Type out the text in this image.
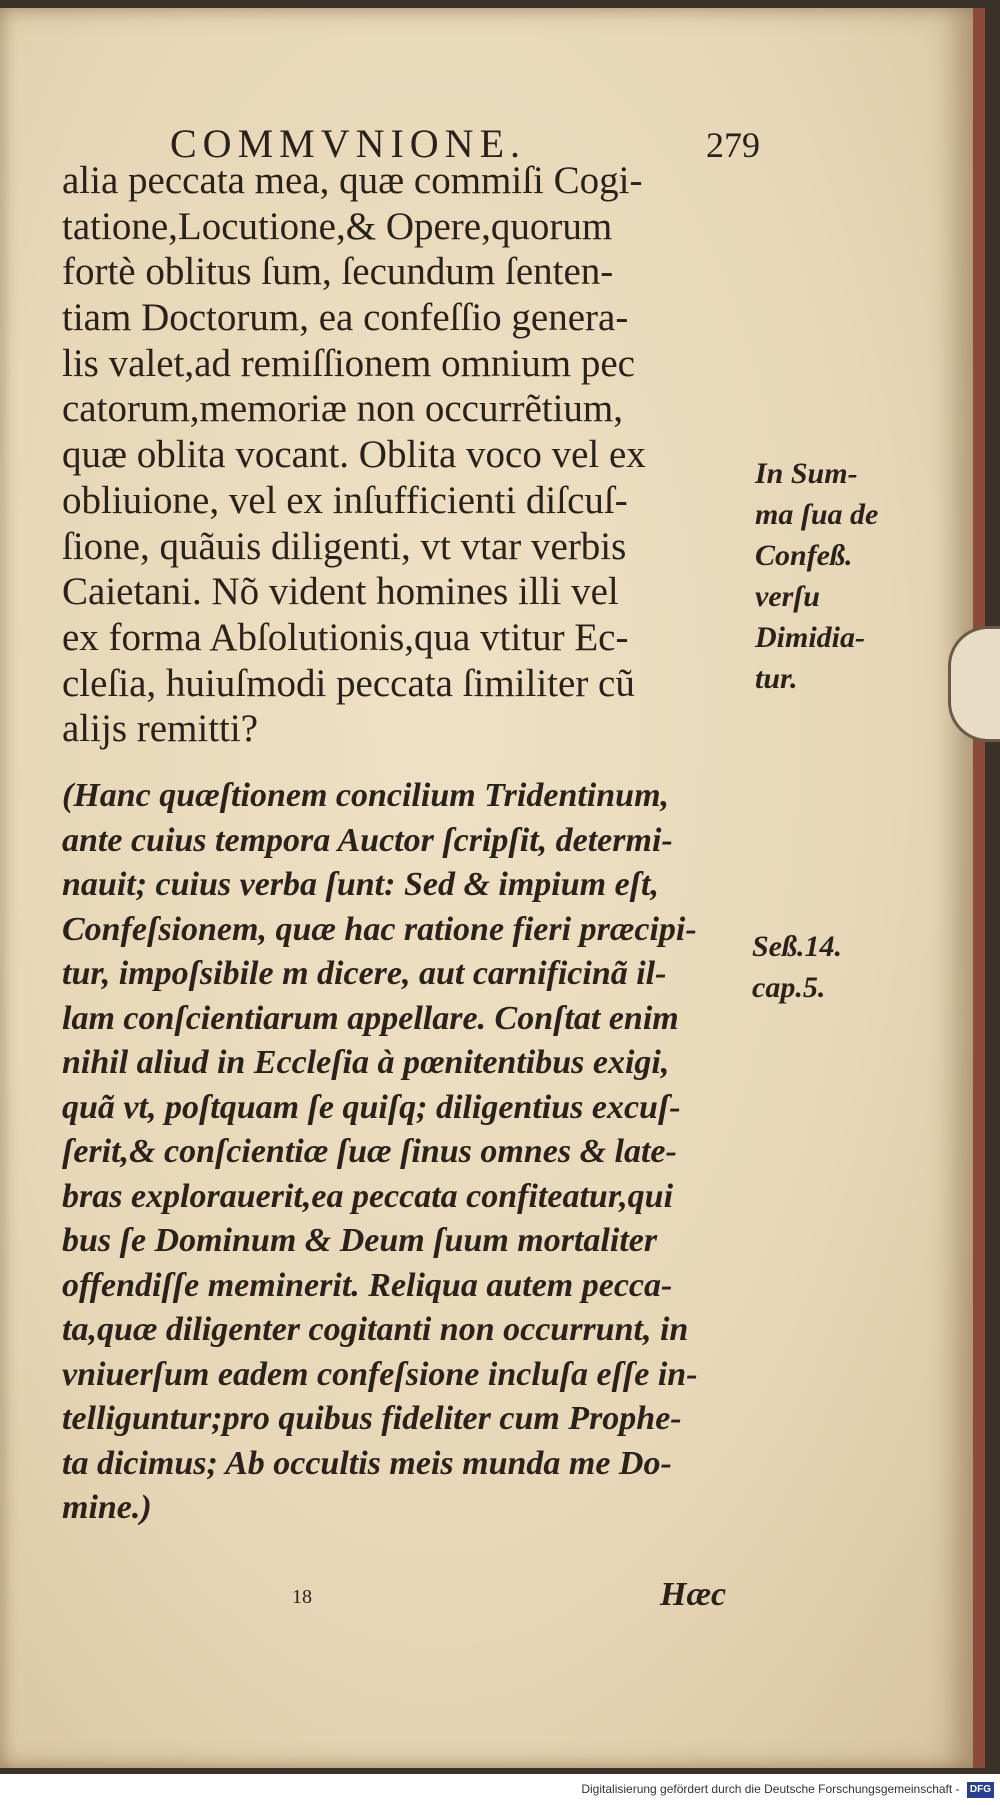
COMMVNIONE.	279
alia peccata mea, quæ commiſi Cogi-
tatione,Locutione,& Opere,quorum
fortè oblitus ſum, ſecundum ſenten-
tiam Doctorum, ea confeſſio genera-
lis valet,ad remiſſionem omnium pec
catorum,memoriæ non occurrẽtium,
quæ oblita vocant. Oblita voco vel ex
obliuione, vel ex inſufficienti diſcuſ-
ſione, quãuis diligenti, vt vtar verbis
Caietani. Nõ vident homines illi vel
ex forma Abſolutionis,qua vtitur Ec-
cleſia, huiuſmodi peccata ſimiliter cũ
alijs remitti?
(Hanc quæſtionem concilium Tridentinum,
ante cuius tempora Auctor ſcripſit, determi-
nauit; cuius verba ſunt: Sed & impium eſt,
Confeſsionem, quæ hac ratione fieri præcipi-
tur, impoſsibile m dicere, aut carnificinã il-
lam conſcientiarum appellare. Conſtat enim
nihil aliud in Eccleſia à pœnitentibus exigi,
quã vt, poſtquam ſe quiſq; diligentius excuſ-
ſerit,& conſcientiæ ſuæ ſinus omnes & late-
bras explorauerit,ea peccata confiteatur,qui
bus ſe Dominum & Deum ſuum mortaliter
offendiſſe meminerit. Reliqua autem pecca-
ta,quæ diligenter cogitanti non occurrunt, in
vniuerſum eadem confeſsione incluſa eſſe in-
telliguntur;pro quibus fideliter cum Prophe-
ta dicimus; Ab occultis meis munda me Do-
mine.)
In Sum-
ma ſua de
Confeß.
verſu
Dimidia-
tur.
Seß.14.
cap.5.
18	Hæc
Digitalisierung gefördert durch die Deutsche Forschungsgemeinschaft - DFG
